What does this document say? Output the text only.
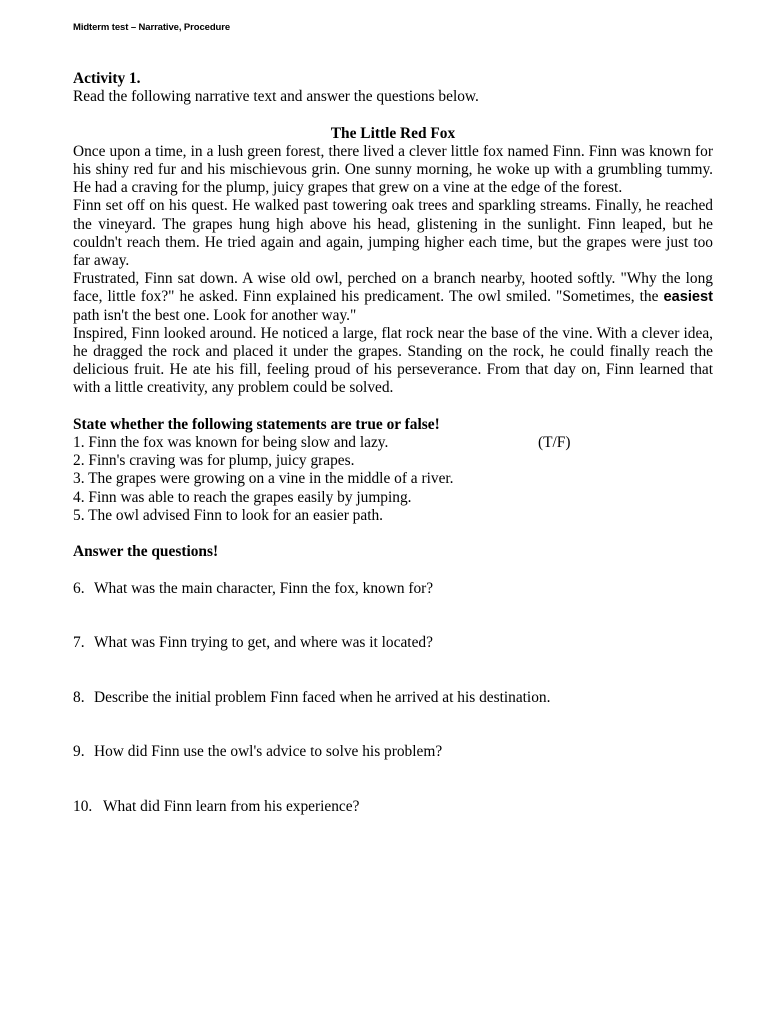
Midterm test – Narrative, Procedure

Activity 1.

Read the following narrative text and answer the questions below.

The Little Red Fox

Once upon a time, in a lush green forest, there lived a clever little fox named Finn. Finn was known for his shiny red fur and his mischievous grin. One sunny morning, he woke up with a grumbling tummy. He had a craving for the plump, juicy grapes that grew on a vine at the edge of the forest.

Finn set off on his quest. He walked past towering oak trees and sparkling streams. Finally, he reached the vineyard. The grapes hung high above his head, glistening in the sunlight. Finn leaped, but he couldn't reach them. He tried again and again, jumping higher each time, but the grapes were just too far away.

Frustrated, Finn sat down. A wise old owl, perched on a branch nearby, hooted softly. "Why the long face, little fox?" he asked. Finn explained his predicament. The owl smiled. "Sometimes, the easiest path isn't the best one. Look for another way."

Inspired, Finn looked around. He noticed a large, flat rock near the base of the vine. With a clever idea, he dragged the rock and placed it under the grapes. Standing on the rock, he could finally reach the delicious fruit. He ate his fill, feeling proud of his perseverance. From that day on, Finn learned that with a little creativity, any problem could be solved.

State whether the following statements are true or false!

1. Finn the fox was known for being slow and lazy.	(T/F)

2. Finn's craving was for plump, juicy grapes.

3. The grapes were growing on a vine in the middle of a river.

4. Finn was able to reach the grapes easily by jumping.

5. The owl advised Finn to look for an easier path.

Answer the questions!

6. What was the main character, Finn the fox, known for?

7. What was Finn trying to get, and where was it located?

8. Describe the initial problem Finn faced when he arrived at his destination.

9. How did Finn use the owl's advice to solve his problem?

10. What did Finn learn from his experience?
